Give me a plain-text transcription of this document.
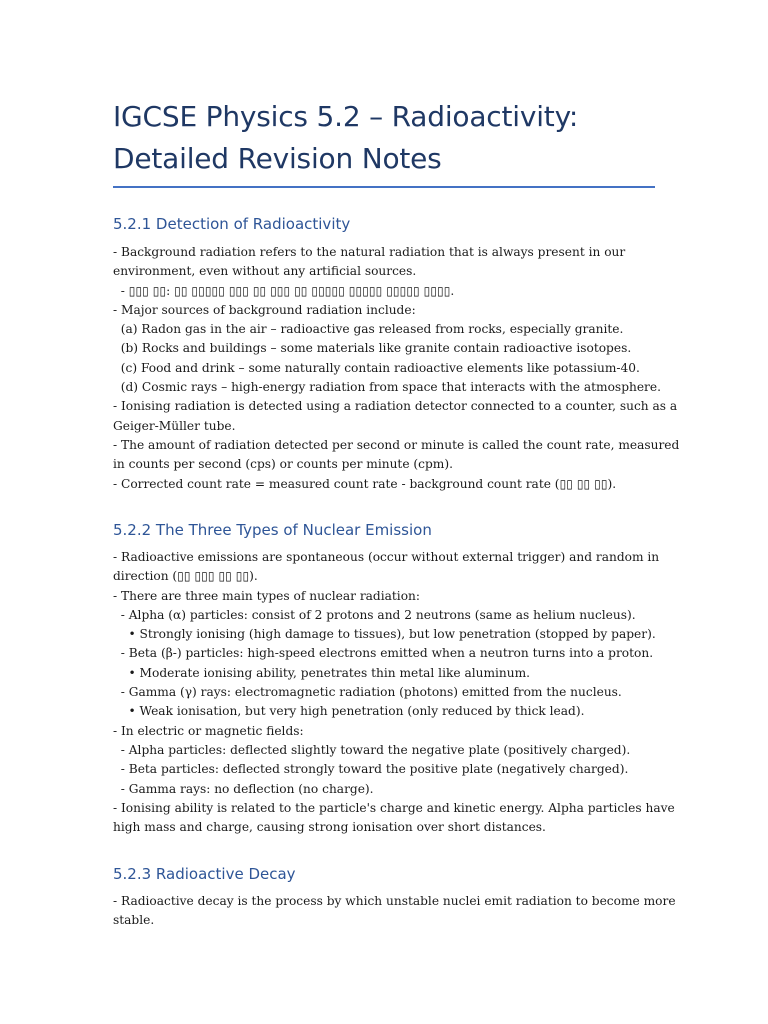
IGCSE Physics 5.2 – Radioactivity:
Detailed Revision Notes
5.2.1 Detection of Radioactivity
- Background radiation refers to the natural radiation that is always present in our
environment, even without any artificial sources.
- ▯▯▯ ▯▯: ▯▯ ▯▯▯▯▯ ▯▯▯ ▯▯ ▯▯▯ ▯▯ ▯▯▯▯▯ ▯▯▯▯▯ ▯▯▯▯▯ ▯▯▯▯.
- Major sources of background radiation include:
(a) Radon gas in the air – radioactive gas released from rocks, especially granite.
(b) Rocks and buildings – some materials like granite contain radioactive isotopes.
(c) Food and drink – some naturally contain radioactive elements like potassium-40.
(d) Cosmic rays – high-energy radiation from space that interacts with the atmosphere.
- Ionising radiation is detected using a radiation detector connected to a counter, such as a
Geiger-Müller tube.
- The amount of radiation detected per second or minute is called the count rate, measured
in counts per second (cps) or counts per minute (cpm).
- Corrected count rate = measured count rate - background count rate (▯▯ ▯▯ ▯▯).
5.2.2 The Three Types of Nuclear Emission
- Radioactive emissions are spontaneous (occur without external trigger) and random in
direction (▯▯ ▯▯▯ ▯▯ ▯▯).
- There are three main types of nuclear radiation:
- Alpha (α) particles: consist of 2 protons and 2 neutrons (same as helium nucleus).
• Strongly ionising (high damage to tissues), but low penetration (stopped by paper).
- Beta (β-) particles: high-speed electrons emitted when a neutron turns into a proton.
• Moderate ionising ability, penetrates thin metal like aluminum.
- Gamma (γ) rays: electromagnetic radiation (photons) emitted from the nucleus.
• Weak ionisation, but very high penetration (only reduced by thick lead).
- In electric or magnetic fields:
- Alpha particles: deflected slightly toward the negative plate (positively charged).
- Beta particles: deflected strongly toward the positive plate (negatively charged).
- Gamma rays: no deflection (no charge).
- Ionising ability is related to the particle's charge and kinetic energy. Alpha particles have
high mass and charge, causing strong ionisation over short distances.
5.2.3 Radioactive Decay
- Radioactive decay is the process by which unstable nuclei emit radiation to become more
stable.
